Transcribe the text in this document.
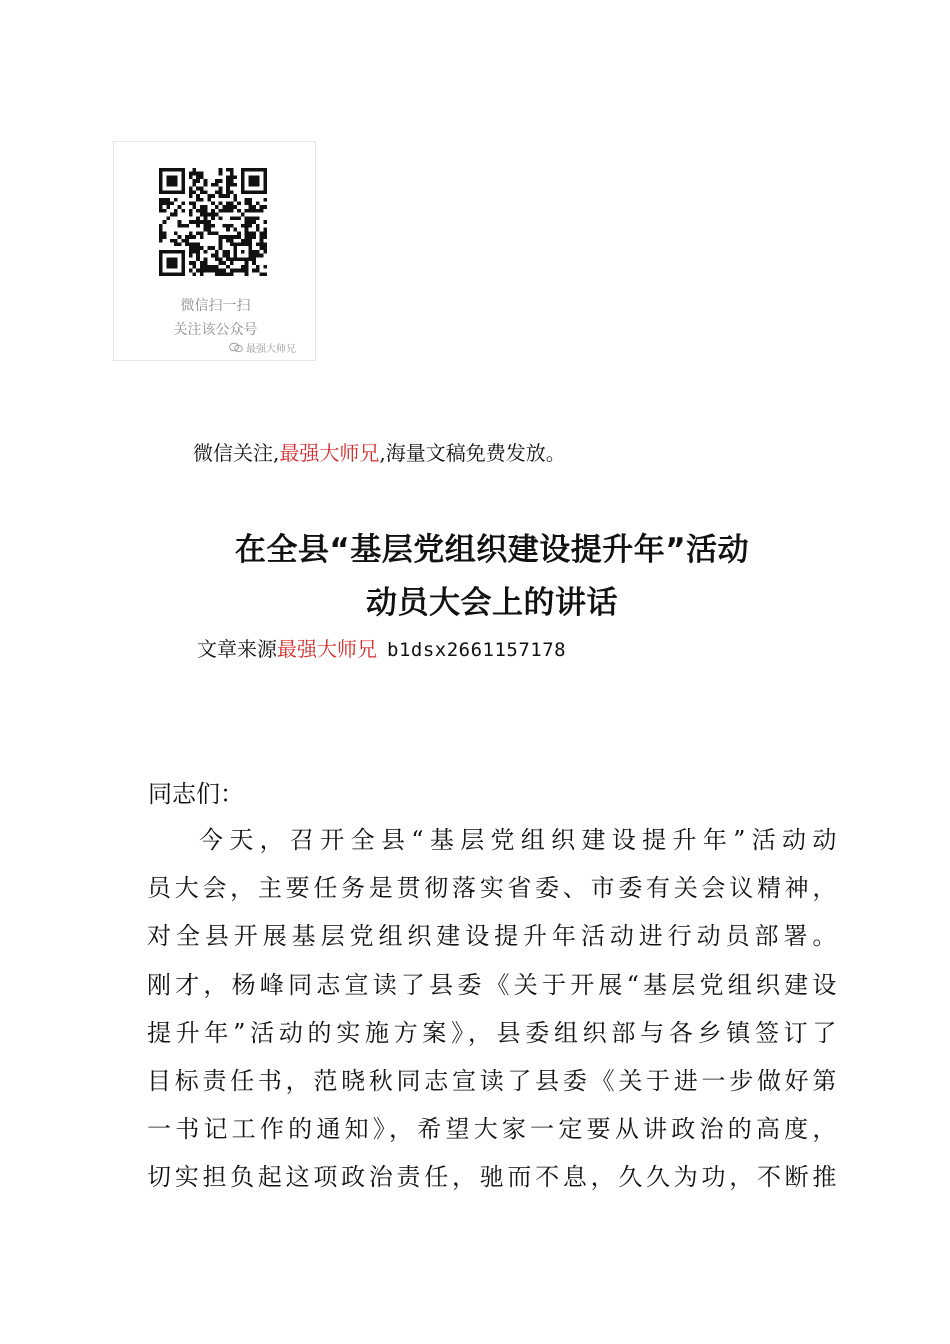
微信扫一扫
关注该公众号
最强大师兄
微信关注,最强大师兄,海量文稿免费发放。
在全县“基层党组织建设提升年”活动
动员大会上的讲话
文章来源最强大师兄 b1dsx2661157178
同志们：
今天，召开全县“基层党组织建设提升年”活动动
员大会，主要任务是贯彻落实省委、市委有关会议精神，
对全县开展基层党组织建设提升年活动进行动员部署。
刚才，杨峰同志宣读了县委《关于开展“基层党组织建设
提升年”活动的实施方案》，县委组织部与各乡镇签订了
目标责任书，范晓秋同志宣读了县委《关于进一步做好第
一书记工作的通知》，希望大家一定要从讲政治的高度，
切实担负起这项政治责任，驰而不息，久久为功，不断推
